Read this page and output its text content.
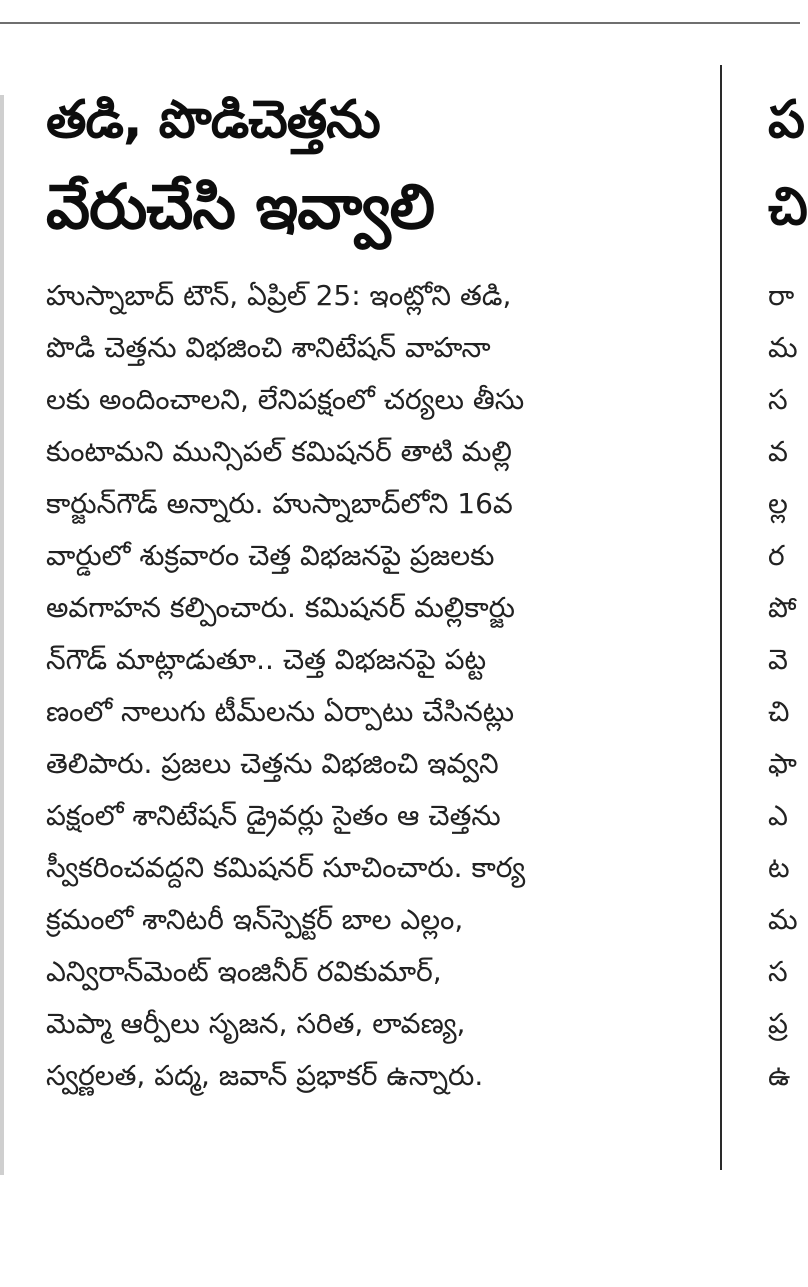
తడి, పొడిచెత్తను
వేరుచేసి ఇవ్వాలి
హుస్నాబాద్ టౌన్, ఏప్రిల్ 25: ఇంట్లోని తడి,
పొడి చెత్తను విభజించి శానిటేషన్ వాహనా
లకు అందించాలని, లేనిపక్షంలో చర్యలు తీసు
కుంటామని మున్సిపల్ కమిషనర్ తాటి మల్లి
కార్జున్‌గౌడ్ అన్నారు. హుస్నాబాద్‌లోని 16వ
వార్డులో శుక్రవారం చెత్త విభజనపై ప్రజలకు
అవగాహన కల్పించారు. కమిషనర్ మల్లికార్జు
న్‌గౌడ్ మాట్లాడుతూ.. చెత్త విభజనపై పట్ట
ణంలో నాలుగు టీమ్‌లను ఏర్పాటు చేసినట్లు
తెలిపారు. ప్రజలు చెత్తను విభజించి ఇవ్వని
పక్షంలో శానిటేషన్ డ్రైవర్లు సైతం ఆ చెత్తను
స్వీకరించవద్దని కమిషనర్ సూచించారు. కార్య
క్రమంలో శానిటరీ ఇన్‌స్పెక్టర్ బాల ఎల్లం,
ఎన్విరాన్‌మెంట్ ఇంజినీర్ రవికుమార్,
మెప్మా ఆర్పీలు సృజన, సరిత, లావణ్య,
స్వర్ణలత, పద్మ, జవాన్ ప్రభాకర్ ఉన్నారు.
ప
చి
రా
మ
స
వ
ల్ల
ర
పో
వె
చి
ఫా
ఎ
ట
మ
స
ప్ర
ఉ
